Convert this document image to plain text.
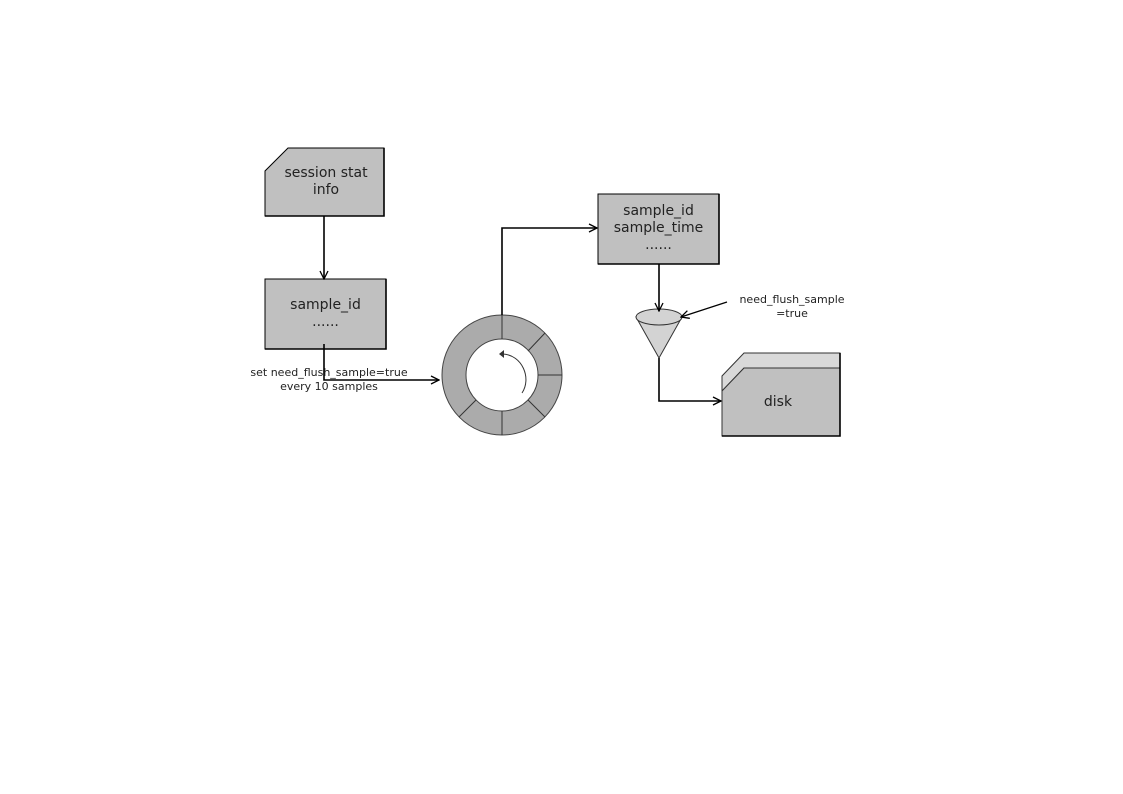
session stat
info
sample_id
......
set need_flush_sample=true
every 10 samples
sample_id
sample_time
......
need_flush_sample
=true
disk
